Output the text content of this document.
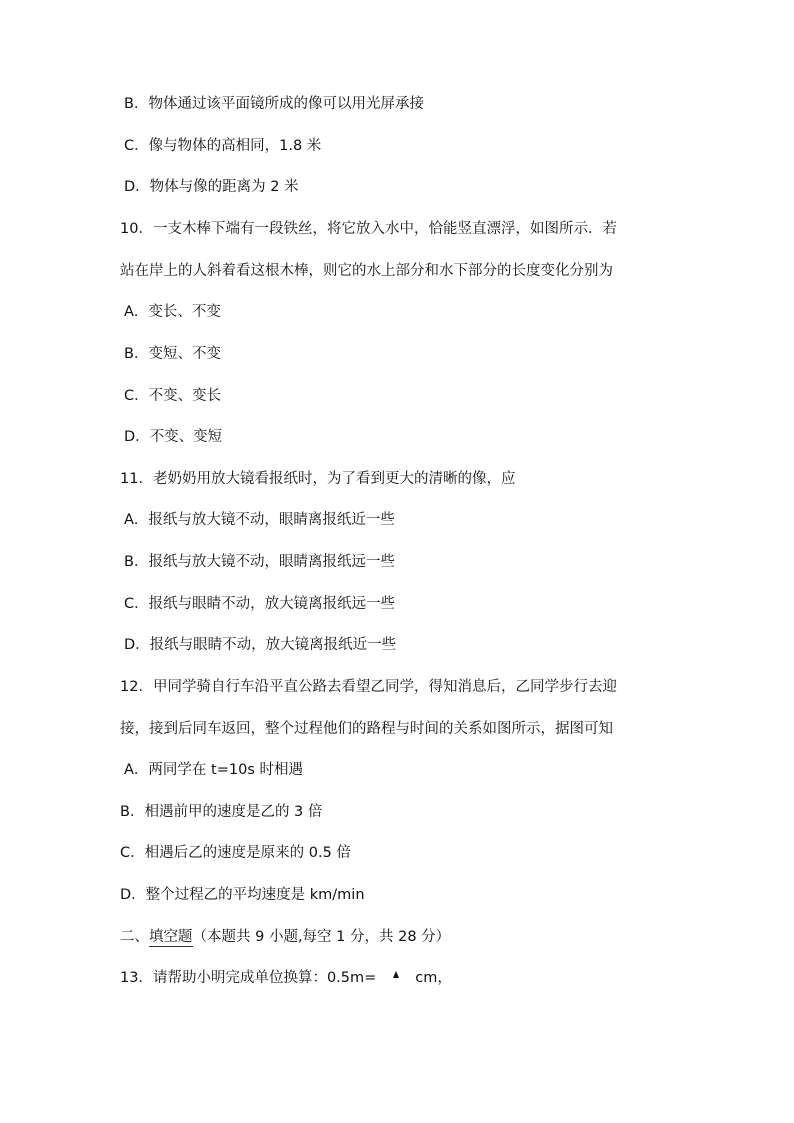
B．物体通过该平面镜所成的像可以用光屏承接
C．像与物体的高相同，1.8 米
D．物体与像的距离为 2 米
10．一支木棒下端有一段铁丝，将它放入水中，恰能竖直漂浮，如图所示．若
站在岸上的人斜着看这根木棒，则它的水上部分和水下部分的长度变化分别为
A．变长、不变
B．变短、不变
C．不变、变长
D．不变、变短
11．老奶奶用放大镜看报纸时，为了看到更大的清晰的像，应
A．报纸与放大镜不动，眼睛离报纸近一些
B．报纸与放大镜不动，眼睛离报纸远一些
C．报纸与眼睛不动，放大镜离报纸远一些
D．报纸与眼睛不动，放大镜离报纸近一些
12．甲同学骑自行车沿平直公路去看望乙同学，得知消息后，乙同学步行去迎
接，接到后同车返回，整个过程他们的路程与时间的关系如图所示，据图可知
A．两同学在 t=10s 时相遇
B．相遇前甲的速度是乙的 3 倍
C．相遇后乙的速度是原来的 0.5 倍
D．整个过程乙的平均速度是 km/min
二、填空题（本题共 9 小题,每空 1 分，共 28 分）
13．请帮助小明完成单位换算：0.5m=	cm，
